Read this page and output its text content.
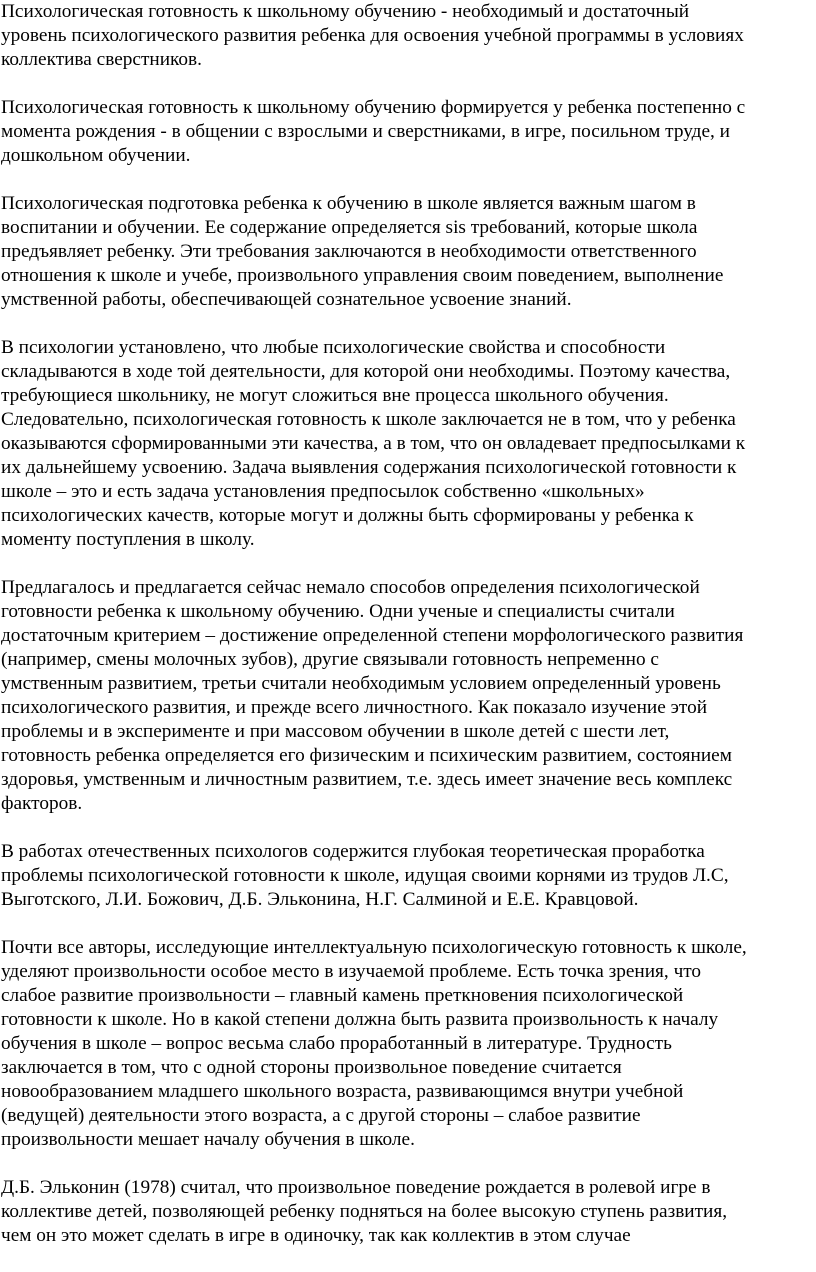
Психологическая готовность к школьному обучению - необходимый и достаточный
уровень психологического развития ребенка для освоения учебной программы в условиях
коллектива сверстников.
Психологическая готовность к школьному обучению формируется у ребенка постепенно с
момента рождения - в общении с взрослыми и сверстниками, в игре, посильном труде, и
дошкольном обучении.
Психологическая подготовка ребенка к обучению в школе является важным шагом в
воспитании и обучении. Ее содержание определяется sis требований, которые школа
предъявляет ребенку. Эти требования заключаются в необходимости ответственного
отношения к школе и учебе, произвольного управления своим поведением, выполнение
умственной работы, обеспечивающей сознательное усвоение знаний.
В психологии установлено, что любые психологические свойства и способности
складываются в ходе той деятельности, для которой они необходимы. Поэтому качества,
требующиеся школьнику, не могут сложиться вне процесса школьного обучения.
Следовательно, психологическая готовность к школе заключается не в том, что у ребенка
оказываются сформированными эти качества, а в том, что он овладевает предпосылками к
их дальнейшему усвоению. Задача выявления содержания психологической готовности к
школе – это и есть задача установления предпосылок собственно «школьных»
психологических качеств, которые могут и должны быть сформированы у ребенка к
моменту поступления в школу.
Предлагалось и предлагается сейчас немало способов определения психологической
готовности ребенка к школьному обучению. Одни ученые и специалисты считали
достаточным критерием – достижение определенной степени морфологического развития
(например, смены молочных зубов), другие связывали готовность непременно с
умственным развитием, третьи считали необходимым условием определенный уровень
психологического развития, и прежде всего личностного. Как показало изучение этой
проблемы и в эксперименте и при массовом обучении в школе детей с шести лет,
готовность ребенка определяется его физическим и психическим развитием, состоянием
здоровья, умственным и личностным развитием, т.е. здесь имеет значение весь комплекс
факторов.
В работах отечественных психологов содержится глубокая теоретическая проработка
проблемы психологической готовности к школе, идущая своими корнями из трудов Л.С,
Выготского, Л.И. Божович, Д.Б. Эльконина, Н.Г. Салминой и Е.Е. Кравцовой.
Почти все авторы, исследующие интеллектуальную психологическую готовность к школе,
уделяют произвольности особое место в изучаемой проблеме. Есть точка зрения, что
слабое развитие произвольности – главный камень преткновения психологической
готовности к школе. Но в какой степени должна быть развита произвольность к началу
обучения в школе – вопрос весьма слабо проработанный в литературе. Трудность
заключается в том, что с одной стороны произвольное поведение считается
новообразованием младшего школьного возраста, развивающимся внутри учебной
(ведущей) деятельности этого возраста, а с другой стороны – слабое развитие
произвольности мешает началу обучения в школе.
Д.Б. Эльконин (1978) считал, что произвольное поведение рождается в ролевой игре в
коллективе детей, позволяющей ребенку подняться на более высокую ступень развития,
чем он это может сделать в игре в одиночку, так как коллектив в этом случае
